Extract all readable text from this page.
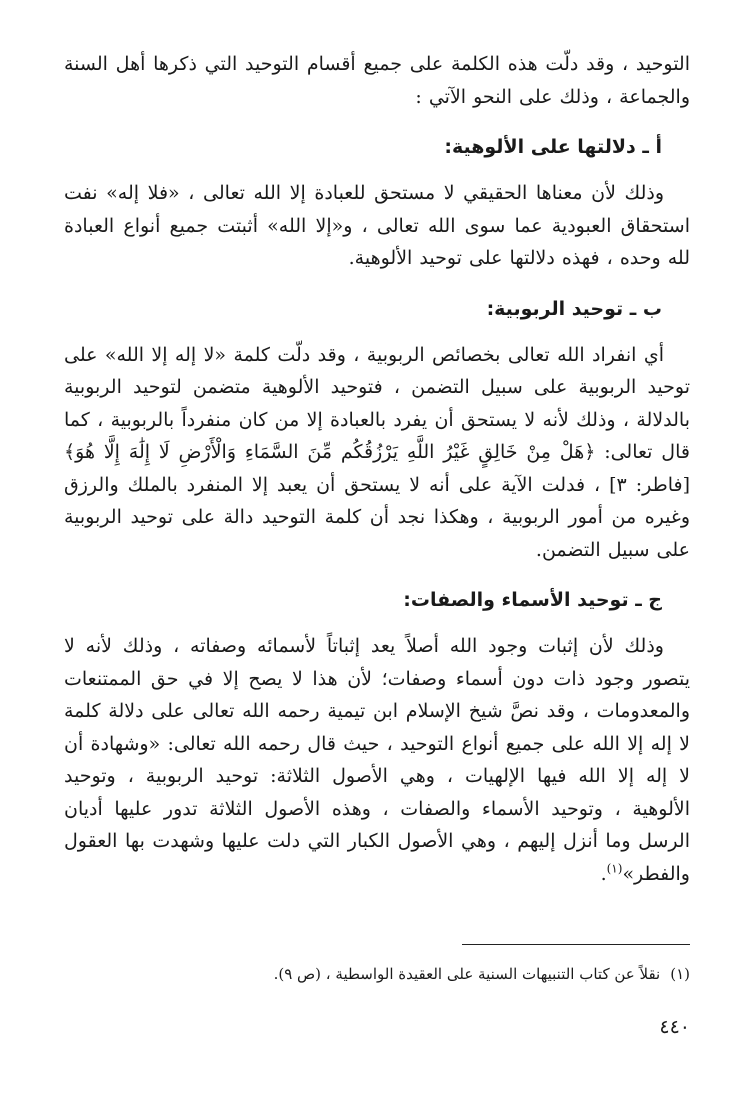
التوحيد ، وقد دلّت هذه الكلمة على جميع أقسام التوحيد التي ذكرها أهل السنة والجماعة ، وذلك على النحو الآتي :

أ ـ دلالتها على الألوهية:

وذلك لأن معناها الحقيقي لا مستحق للعبادة إلا الله تعالى ، «فلا إله» نفت استحقاق العبودية عما سوى الله تعالى ، و«إلا الله» أثبتت جميع أنواع العبادة لله وحده ، فهذه دلالتها على توحيد الألوهية.

ب ـ توحيد الربوبية:

أي انفراد الله تعالى بخصائص الربوبية ، وقد دلّت كلمة «لا إله إلا الله» على توحيد الربوبية على سبيل التضمن ، فتوحيد الألوهية متضمن لتوحيد الربوبية بالدلالة ، وذلك لأنه لا يستحق أن يفرد بالعبادة إلا من كان منفرداً بالربوبية ، كما قال تعالى: ﴿هَلْ مِنْ خَالِقٍ غَيْرُ اللَّهِ يَرْزُقُكُم مِّنَ السَّمَاءِ وَالْأَرْضِ لَا إِلَٰهَ إِلَّا هُوَ﴾ [فاطر: ٣] ، فدلت الآية على أنه لا يستحق أن يعبد إلا المنفرد بالملك والرزق وغيره من أمور الربوبية ، وهكذا نجد أن كلمة التوحيد دالة على توحيد الربوبية على سبيل التضمن.

ج ـ توحيد الأسماء والصفات:

وذلك لأن إثبات وجود الله أصلاً يعد إثباتاً لأسمائه وصفاته ، وذلك لأنه لا يتصور وجود ذات دون أسماء وصفات؛ لأن هذا لا يصح إلا في حق الممتنعات والمعدومات ، وقد نصَّ شيخ الإسلام ابن تيمية رحمه الله تعالى على دلالة كلمة لا إله إلا الله على جميع أنواع التوحيد ، حيث قال رحمه الله تعالى: «وشهادة أن لا إله إلا الله فيها الإلهيات ، وهي الأصول الثلاثة: توحيد الربوبية ، وتوحيد الألوهية ، وتوحيد الأسماء والصفات ، وهذه الأصول الثلاثة تدور عليها أديان الرسل وما أنزل إليهم ، وهي الأصول الكبار التي دلت عليها وشهدت بها العقول والفطر»$^{(١)}$.

(١)نقلاً عن كتاب التنبيهات السنية على العقيدة الواسطية ، (ص ٩).
٤٤٠
